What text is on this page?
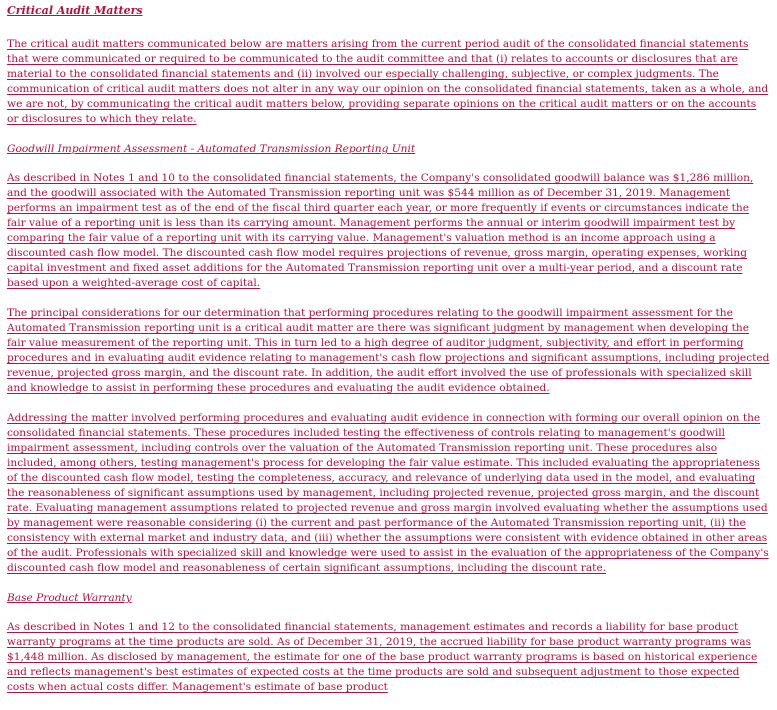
Critical Audit Matters

The critical audit matters communicated below are matters arising from the current period audit of the consolidated financial statements that were communicated or required to be communicated to the audit committee and that (i) relates to accounts or disclosures that are material to the consolidated financial statements and (ii) involved our especially challenging, subjective, or complex judgments. The communication of critical audit matters does not alter in any way our opinion on the consolidated financial statements, taken as a whole, and we are not, by communicating the critical audit matters below, providing separate opinions on the critical audit matters or on the accounts or disclosures to which they relate.

Goodwill Impairment Assessment - Automated Transmission Reporting Unit

As described in Notes 1 and 10 to the consolidated financial statements, the Company's consolidated goodwill balance was $1,286 million, and the goodwill associated with the Automated Transmission reporting unit was $544 million as of December 31, 2019. Management performs an impairment test as of the end of the fiscal third quarter each year, or more frequently if events or circumstances indicate the fair value of a reporting unit is less than its carrying amount. Management performs the annual or interim goodwill impairment test by comparing the fair value of a reporting unit with its carrying value. Management's valuation method is an income approach using a discounted cash flow model. The discounted cash flow model requires projections of revenue, gross margin, operating expenses, working capital investment and fixed asset additions for the Automated Transmission reporting unit over a multi-year period, and a discount rate based upon a weighted-average cost of capital.

The principal considerations for our determination that performing procedures relating to the goodwill impairment assessment for the Automated Transmission reporting unit is a critical audit matter are there was significant judgment by management when developing the fair value measurement of the reporting unit. This in turn led to a high degree of auditor judgment, subjectivity, and effort in performing procedures and in evaluating audit evidence relating to management's cash flow projections and significant assumptions, including projected revenue, projected gross margin, and the discount rate. In addition, the audit effort involved the use of professionals with specialized skill and knowledge to assist in performing these procedures and evaluating the audit evidence obtained.

Addressing the matter involved performing procedures and evaluating audit evidence in connection with forming our overall opinion on the consolidated financial statements. These procedures included testing the effectiveness of controls relating to management's goodwill impairment assessment, including controls over the valuation of the Automated Transmission reporting unit. These procedures also included, among others, testing management's process for developing the fair value estimate. This included evaluating the appropriateness of the discounted cash flow model, testing the completeness, accuracy, and relevance of underlying data used in the model, and evaluating the reasonableness of significant assumptions used by management, including projected revenue, projected gross margin, and the discount rate. Evaluating management assumptions related to projected revenue and gross margin involved evaluating whether the assumptions used by management were reasonable considering (i) the current and past performance of the Automated Transmission reporting unit, (ii) the consistency with external market and industry data, and (iii) whether the assumptions were consistent with evidence obtained in other areas of the audit. Professionals with specialized skill and knowledge were used to assist in the evaluation of the appropriateness of the Company's discounted cash flow model and reasonableness of certain significant assumptions, including the discount rate.

Base Product Warranty

As described in Notes 1 and 12 to the consolidated financial statements, management estimates and records a liability for base product warranty programs at the time products are sold. As of December 31, 2019, the accrued liability for base product warranty programs was $1,448 million. As disclosed by management, the estimate for one of the base product warranty programs is based on historical experience and reflects management's best estimates of expected costs at the time products are sold and subsequent adjustment to those expected costs when actual costs differ. Management's estimate of base product
